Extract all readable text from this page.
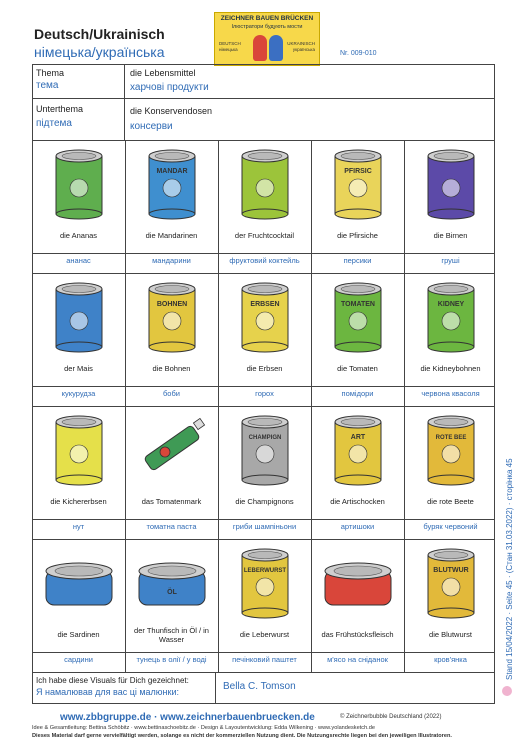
Deutsch/Ukrainisch
німецька/українська
ZEICHNER BAUEN BRÜCKEN
Ілюстратори будують мости
DEUTSCH
німецька
UKRAINISCH
українська
Nr. 009-010
Thema
тема
die Lebensmittel
харчові продукти
Unterthema
підтема
die Konservendosen
консерви
die Ananas
ананас
MANDAR
die Mandarinen
мандарини
der Fruchtcocktail
фруктовий коктейль
PFIRSIC
die Pfirsiche
персики
die Birnen
груші
der Mais
кукурудза
BOHNEN
die Bohnen
боби
ERBSEN
die Erbsen
горох
TOMATEN
die Tomaten
помідори
KIDNEY
die Kidneybohnen
червона квасоля
die Kichererbsen
нут
das Tomatenmark
томатна паста
CHAMPIGN
die Champignons
гриби шампіньони
ART
die Artischocken
артишоки
ROTE BEE
die rote Beete
буряк червоний
die Sardinen
сардини
ÖL
der Thunfisch in Öl / in Wasser
тунець в олії / у воді
LEBERWURST
die Leberwurst
печінковий паштет
das Frühstücksfleisch
м'ясо на сніданок
BLUTWUR
die Blutwurst
кров'янка
Ich habe diese Visuals für Dich gezeichnet:
Я намалював для вас ці малюнки:	Bella C. Tomson
www.zbbgruppe.de · www.zeichnerbauenbruecken.de	© Zeichnerbubble Deutschland (2022)
Idee & Gesamtleitung: Bettina Schöbitz · www.bettinaschoebitz.de · Design & Layoutentwicklung: Edda Wilkening · www.yolandesketch.de
Dieses Material darf gerne vervielfältigt werden, solange es nicht der kommerziellen Nutzung dient. Die Nutzungsrechte liegen bei den jeweiligen Illustratoren.
Stand 15/04/2022 · Seite 45 · (Стан 31.03.2022) · сторінка 45
